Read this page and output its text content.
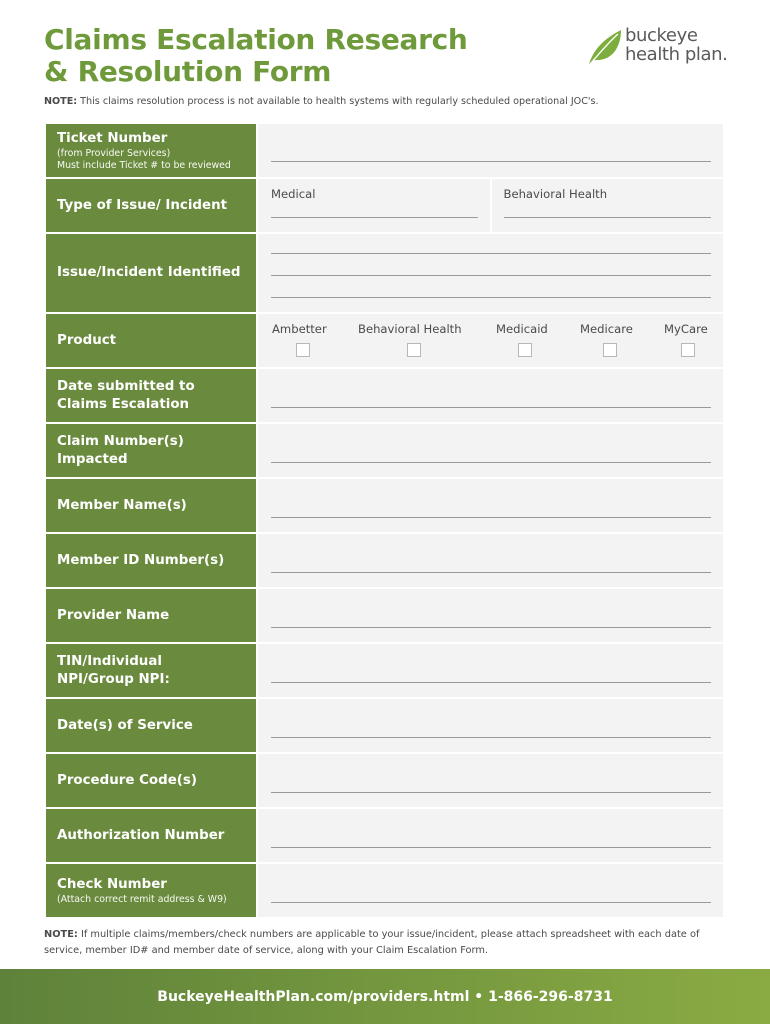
Claims Escalation Research
& Resolution Form
buckeye
health plan.
NOTE: This claims resolution process is not available to health systems with regularly scheduled operational JOC's.
Ticket Number
(from Provider Services)
Must include Ticket # to be reviewed
Type of Issue/ Incident
Medical	Behavioral Health
Issue/Incident Identified
Product
Ambetter	Behavioral Health	Medicaid	Medicare	MyCare
Date submitted to
Claims Escalation
Claim Number(s)
Impacted
Member Name(s)
Member ID Number(s)
Provider Name
TIN/Individual
NPI/Group NPI:
Date(s) of Service
Procedure Code(s)
Authorization Number
Check Number
(Attach correct remit address & W9)
NOTE: If multiple claims/members/check numbers are applicable to your issue/incident, please attach spreadsheet with each date of service, member ID# and member date of service, along with your Claim Escalation Form.
BuckeyeHealthPlan.com/providers.html • 1-866-296-8731
